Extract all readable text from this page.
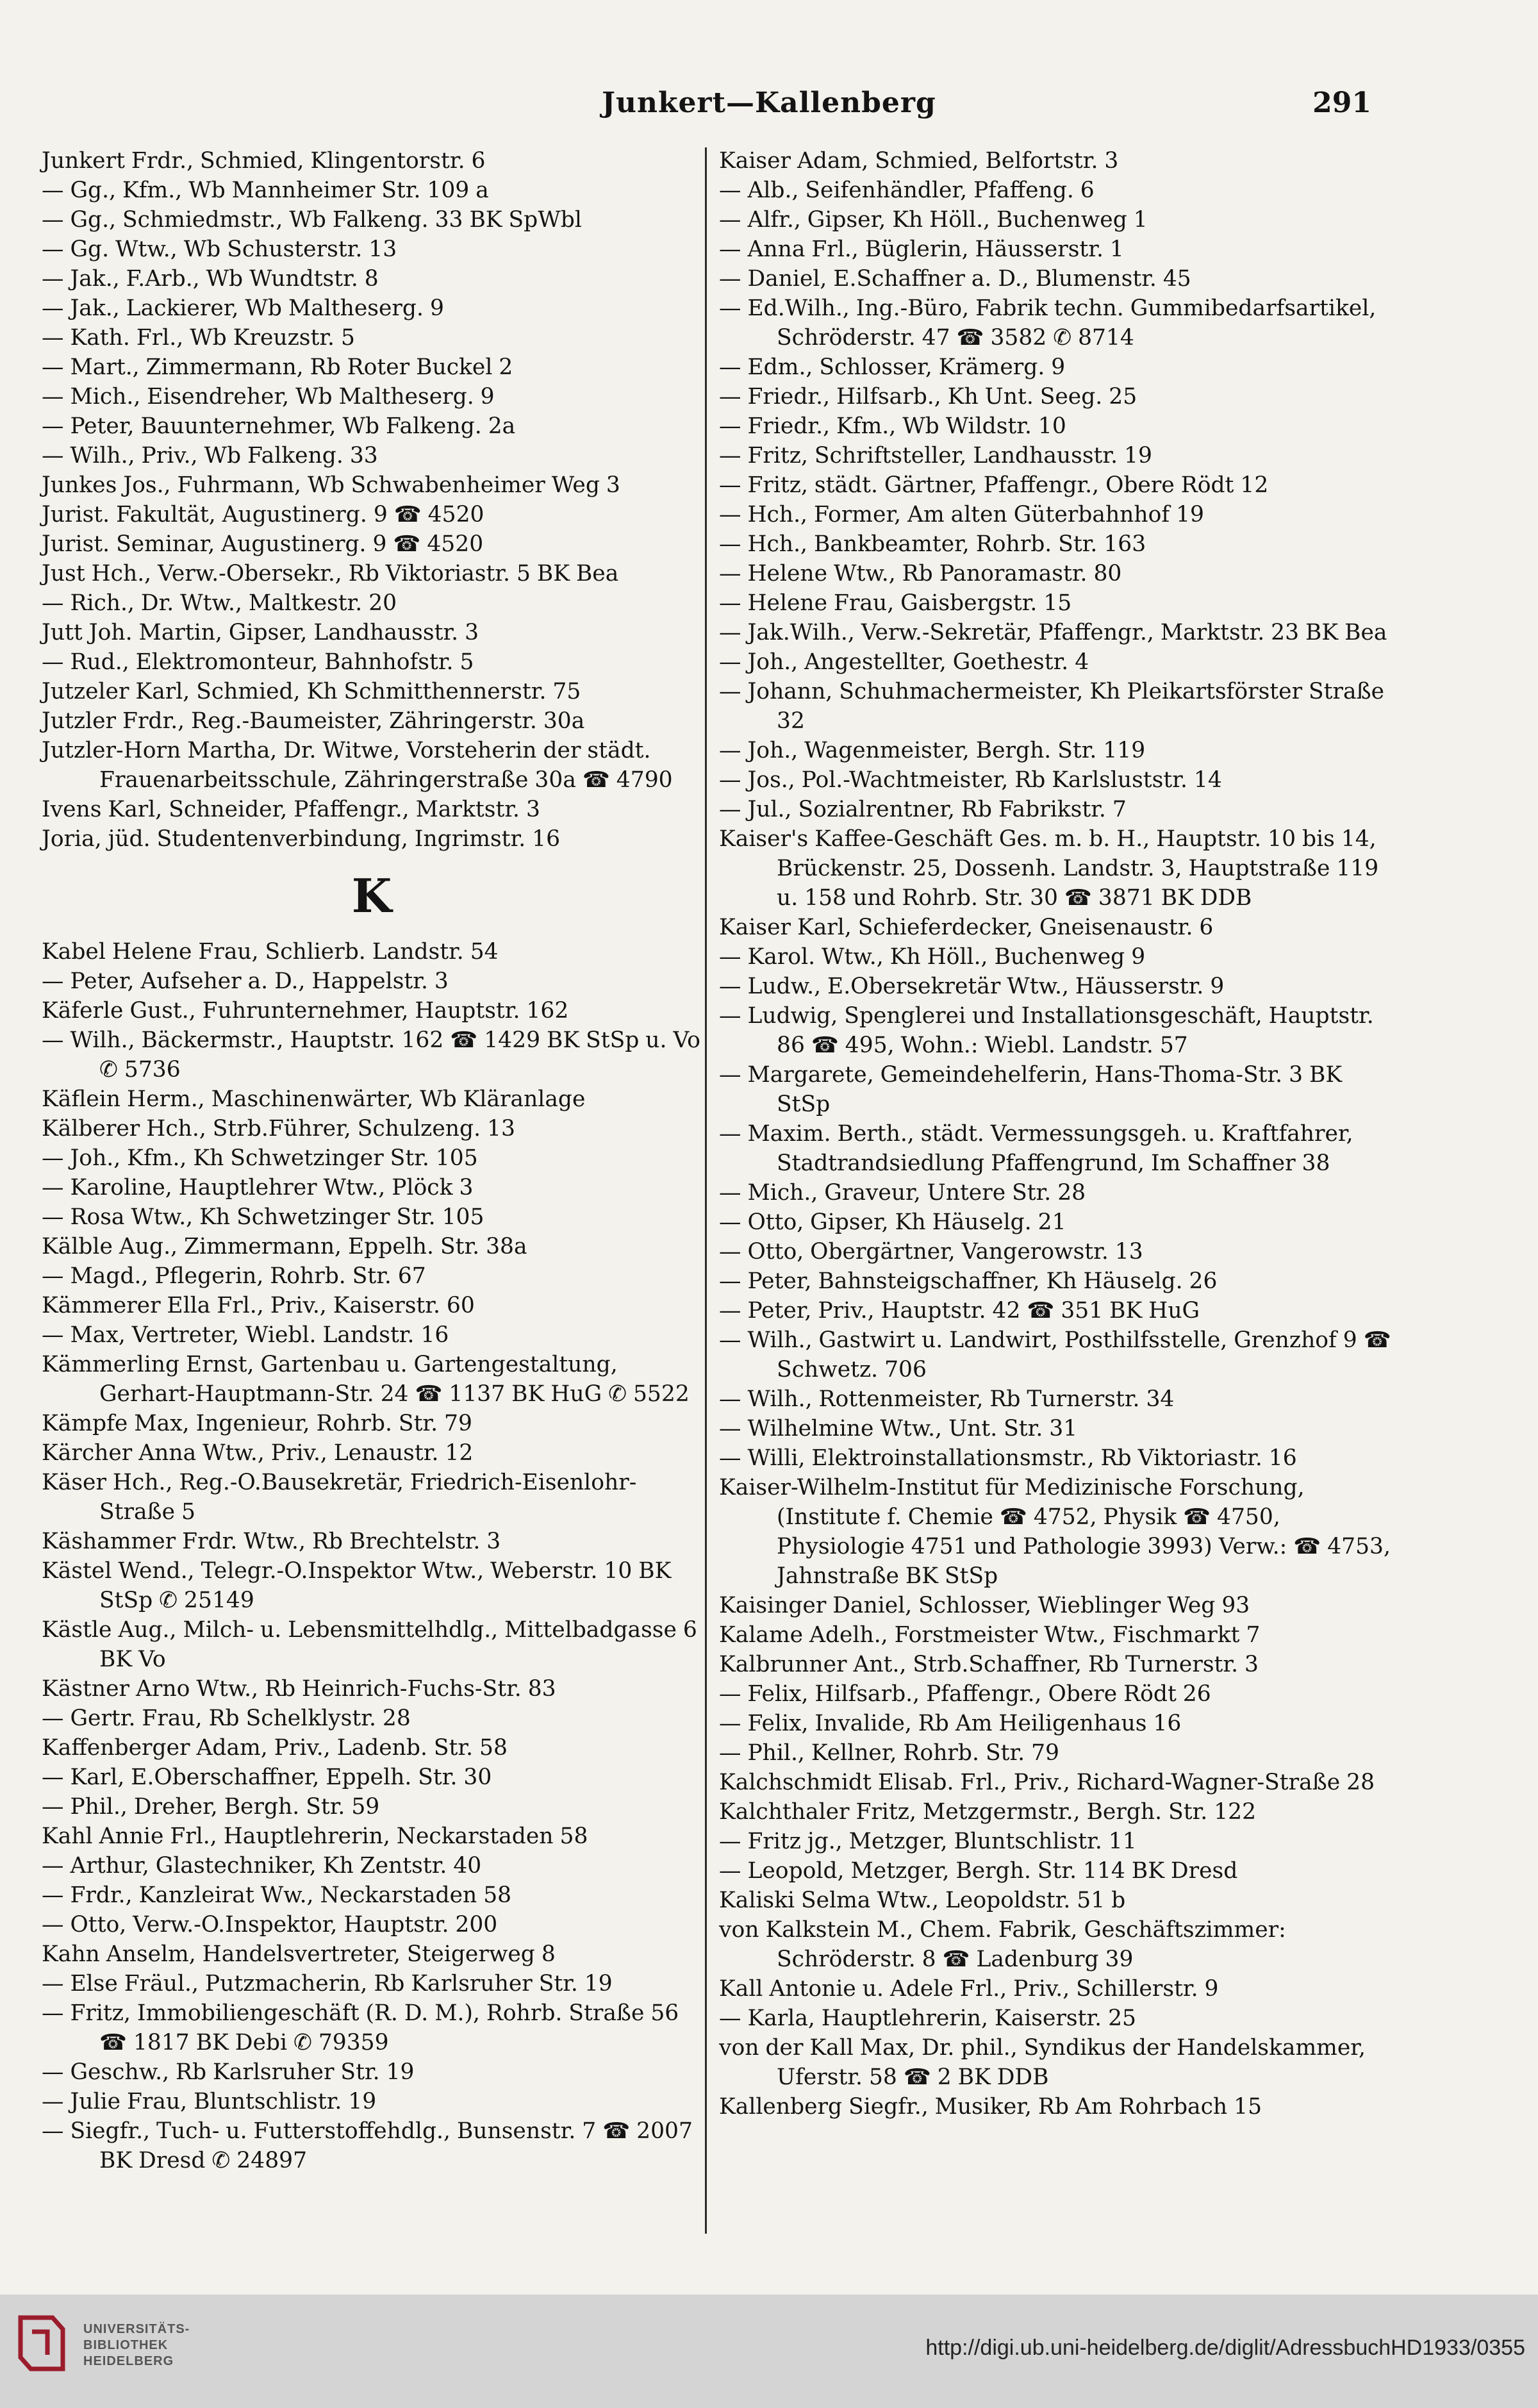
Junkert—Kallenberg	291
Junkert Frdr., Schmied, Klingentorstr. 6
— Gg., Kfm., Wb Mannheimer Str. 109 a
— Gg., Schmiedmstr., Wb Falkeng. 33 BK SpWbl
— Gg. Wtw., Wb Schusterstr. 13
— Jak., F.Arb., Wb Wundtstr. 8
— Jak., Lackierer, Wb Maltheserg. 9
— Kath. Frl., Wb Kreuzstr. 5
— Mart., Zimmermann, Rb Roter Buckel 2
— Mich., Eisendreher, Wb Maltheserg. 9
— Peter, Bauunternehmer, Wb Falkeng. 2a
— Wilh., Priv., Wb Falkeng. 33
Junkes Jos., Fuhrmann, Wb Schwabenheimer Weg 3
Jurist. Fakultät, Augustinerg. 9 ☎ 4520
Jurist. Seminar, Augustinerg. 9 ☎ 4520
Just Hch., Verw.-Obersekr., Rb Viktoriastr. 5 BK Bea
— Rich., Dr. Wtw., Maltkestr. 20
Jutt Joh. Martin, Gipser, Landhausstr. 3
— Rud., Elektromonteur, Bahnhofstr. 5
Jutzeler Karl, Schmied, Kh Schmitthennerstr. 75
Jutzler Frdr., Reg.-Baumeister, Zähringerstr. 30a
Jutzler-Horn Martha, Dr. Witwe, Vorsteherin der städt. Frauenarbeitsschule, Zähringerstraße 30a ☎ 4790
Ivens Karl, Schneider, Pfaffengr., Marktstr. 3
Joria, jüd. Studentenverbindung, Ingrimstr. 16
K
Kabel Helene Frau, Schlierb. Landstr. 54
— Peter, Aufseher a. D., Happelstr. 3
Käferle Gust., Fuhrunternehmer, Hauptstr. 162
— Wilh., Bäckermstr., Hauptstr. 162 ☎ 1429 BK StSp u. Vo ✆ 5736
Käflein Herm., Maschinenwärter, Wb Kläranlage
Kälberer Hch., Strb.Führer, Schulzeng. 13
— Joh., Kfm., Kh Schwetzinger Str. 105
— Karoline, Hauptlehrer Wtw., Plöck 3
— Rosa Wtw., Kh Schwetzinger Str. 105
Kälble Aug., Zimmermann, Eppelh. Str. 38a
— Magd., Pflegerin, Rohrb. Str. 67
Kämmerer Ella Frl., Priv., Kaiserstr. 60
— Max, Vertreter, Wiebl. Landstr. 16
Kämmerling Ernst, Gartenbau u. Gartengestaltung, Gerhart-Hauptmann-Str. 24 ☎ 1137 BK HuG ✆ 5522
Kämpfe Max, Ingenieur, Rohrb. Str. 79
Kärcher Anna Wtw., Priv., Lenaustr. 12
Käser Hch., Reg.-O.Bausekretär, Friedrich-Eisenlohr-Straße 5
Käshammer Frdr. Wtw., Rb Brechtelstr. 3
Kästel Wend., Telegr.-O.Inspektor Wtw., Weberstr. 10 BK StSp ✆ 25149
Kästle Aug., Milch- u. Lebensmittelhdlg., Mittelbadgasse 6 BK Vo
Kästner Arno Wtw., Rb Heinrich-Fuchs-Str. 83
— Gertr. Frau, Rb Schelklystr. 28
Kaffenberger Adam, Priv., Ladenb. Str. 58
— Karl, E.Oberschaffner, Eppelh. Str. 30
— Phil., Dreher, Bergh. Str. 59
Kahl Annie Frl., Hauptlehrerin, Neckarstaden 58
— Arthur, Glastechniker, Kh Zentstr. 40
— Frdr., Kanzleirat Ww., Neckarstaden 58
— Otto, Verw.-O.Inspektor, Hauptstr. 200
Kahn Anselm, Handelsvertreter, Steigerweg 8
— Else Fräul., Putzmacherin, Rb Karlsruher Str. 19
— Fritz, Immobiliengeschäft (R. D. M.), Rohrb. Straße 56 ☎ 1817 BK Debi ✆ 79359
— Geschw., Rb Karlsruher Str. 19
— Julie Frau, Bluntschlistr. 19
— Siegfr., Tuch- u. Futterstoffehdlg., Bunsenstr. 7 ☎ 2007 BK Dresd ✆ 24897
Kaiser Adam, Schmied, Belfortstr. 3
— Alb., Seifenhändler, Pfaffeng. 6
— Alfr., Gipser, Kh Höll., Buchenweg 1
— Anna Frl., Büglerin, Häusserstr. 1
— Daniel, E.Schaffner a. D., Blumenstr. 45
— Ed.Wilh., Ing.-Büro, Fabrik techn. Gummibedarfsartikel, Schröderstr. 47 ☎ 3582 ✆ 8714
— Edm., Schlosser, Krämerg. 9
— Friedr., Hilfsarb., Kh Unt. Seeg. 25
— Friedr., Kfm., Wb Wildstr. 10
— Fritz, Schriftsteller, Landhausstr. 19
— Fritz, städt. Gärtner, Pfaffengr., Obere Rödt 12
— Hch., Former, Am alten Güterbahnhof 19
— Hch., Bankbeamter, Rohrb. Str. 163
— Helene Wtw., Rb Panoramastr. 80
— Helene Frau, Gaisbergstr. 15
— Jak.Wilh., Verw.-Sekretär, Pfaffengr., Marktstr. 23 BK Bea
— Joh., Angestellter, Goethestr. 4
— Johann, Schuhmachermeister, Kh Pleikartsförster Straße 32
— Joh., Wagenmeister, Bergh. Str. 119
— Jos., Pol.-Wachtmeister, Rb Karlsluststr. 14
— Jul., Sozialrentner, Rb Fabrikstr. 7
Kaiser's Kaffee-Geschäft Ges. m. b. H., Hauptstr. 10 bis 14, Brückenstr. 25, Dossenh. Landstr. 3, Hauptstraße 119 u. 158 und Rohrb. Str. 30 ☎ 3871 BK DDB
Kaiser Karl, Schieferdecker, Gneisenaustr. 6
— Karol. Wtw., Kh Höll., Buchenweg 9
— Ludw., E.Obersekretär Wtw., Häusserstr. 9
— Ludwig, Spenglerei und Installationsgeschäft, Hauptstr. 86 ☎ 495, Wohn.: Wiebl. Landstr. 57
— Margarete, Gemeindehelferin, Hans-Thoma-Str. 3 BK StSp
— Maxim. Berth., städt. Vermessungsgeh. u. Kraftfahrer, Stadtrandsiedlung Pfaffengrund, Im Schaffner 38
— Mich., Graveur, Untere Str. 28
— Otto, Gipser, Kh Häuselg. 21
— Otto, Obergärtner, Vangerowstr. 13
— Peter, Bahnsteigschaffner, Kh Häuselg. 26
— Peter, Priv., Hauptstr. 42 ☎ 351 BK HuG
— Wilh., Gastwirt u. Landwirt, Posthilfsstelle, Grenzhof 9 ☎ Schwetz. 706
— Wilh., Rottenmeister, Rb Turnerstr. 34
— Wilhelmine Wtw., Unt. Str. 31
— Willi, Elektroinstallationsmstr., Rb Viktoriastr. 16
Kaiser-Wilhelm-Institut für Medizinische Forschung, (Institute f. Chemie ☎ 4752, Physik ☎ 4750, Physiologie 4751 und Pathologie 3993) Verw.: ☎ 4753, Jahnstraße BK StSp
Kaisinger Daniel, Schlosser, Wieblinger Weg 93
Kalame Adelh., Forstmeister Wtw., Fischmarkt 7
Kalbrunner Ant., Strb.Schaffner, Rb Turnerstr. 3
— Felix, Hilfsarb., Pfaffengr., Obere Rödt 26
— Felix, Invalide, Rb Am Heiligenhaus 16
— Phil., Kellner, Rohrb. Str. 79
Kalchschmidt Elisab. Frl., Priv., Richard-Wagner-Straße 28
Kalchthaler Fritz, Metzgermstr., Bergh. Str. 122
— Fritz jg., Metzger, Bluntschlistr. 11
— Leopold, Metzger, Bergh. Str. 114 BK Dresd
Kaliski Selma Wtw., Leopoldstr. 51 b
von Kalkstein M., Chem. Fabrik, Geschäftszimmer: Schröderstr. 8 ☎ Ladenburg 39
Kall Antonie u. Adele Frl., Priv., Schillerstr. 9
— Karla, Hauptlehrerin, Kaiserstr. 25
von der Kall Max, Dr. phil., Syndikus der Handelskammer, Uferstr. 58 ☎ 2 BK DDB
Kallenberg Siegfr., Musiker, Rb Am Rohrbach 15
UNIVERSITÄTS-
BIBLIOTHEK
HEIDELBERG
http://digi.ub.uni-heidelberg.de/diglit/AdressbuchHD1933/0355
